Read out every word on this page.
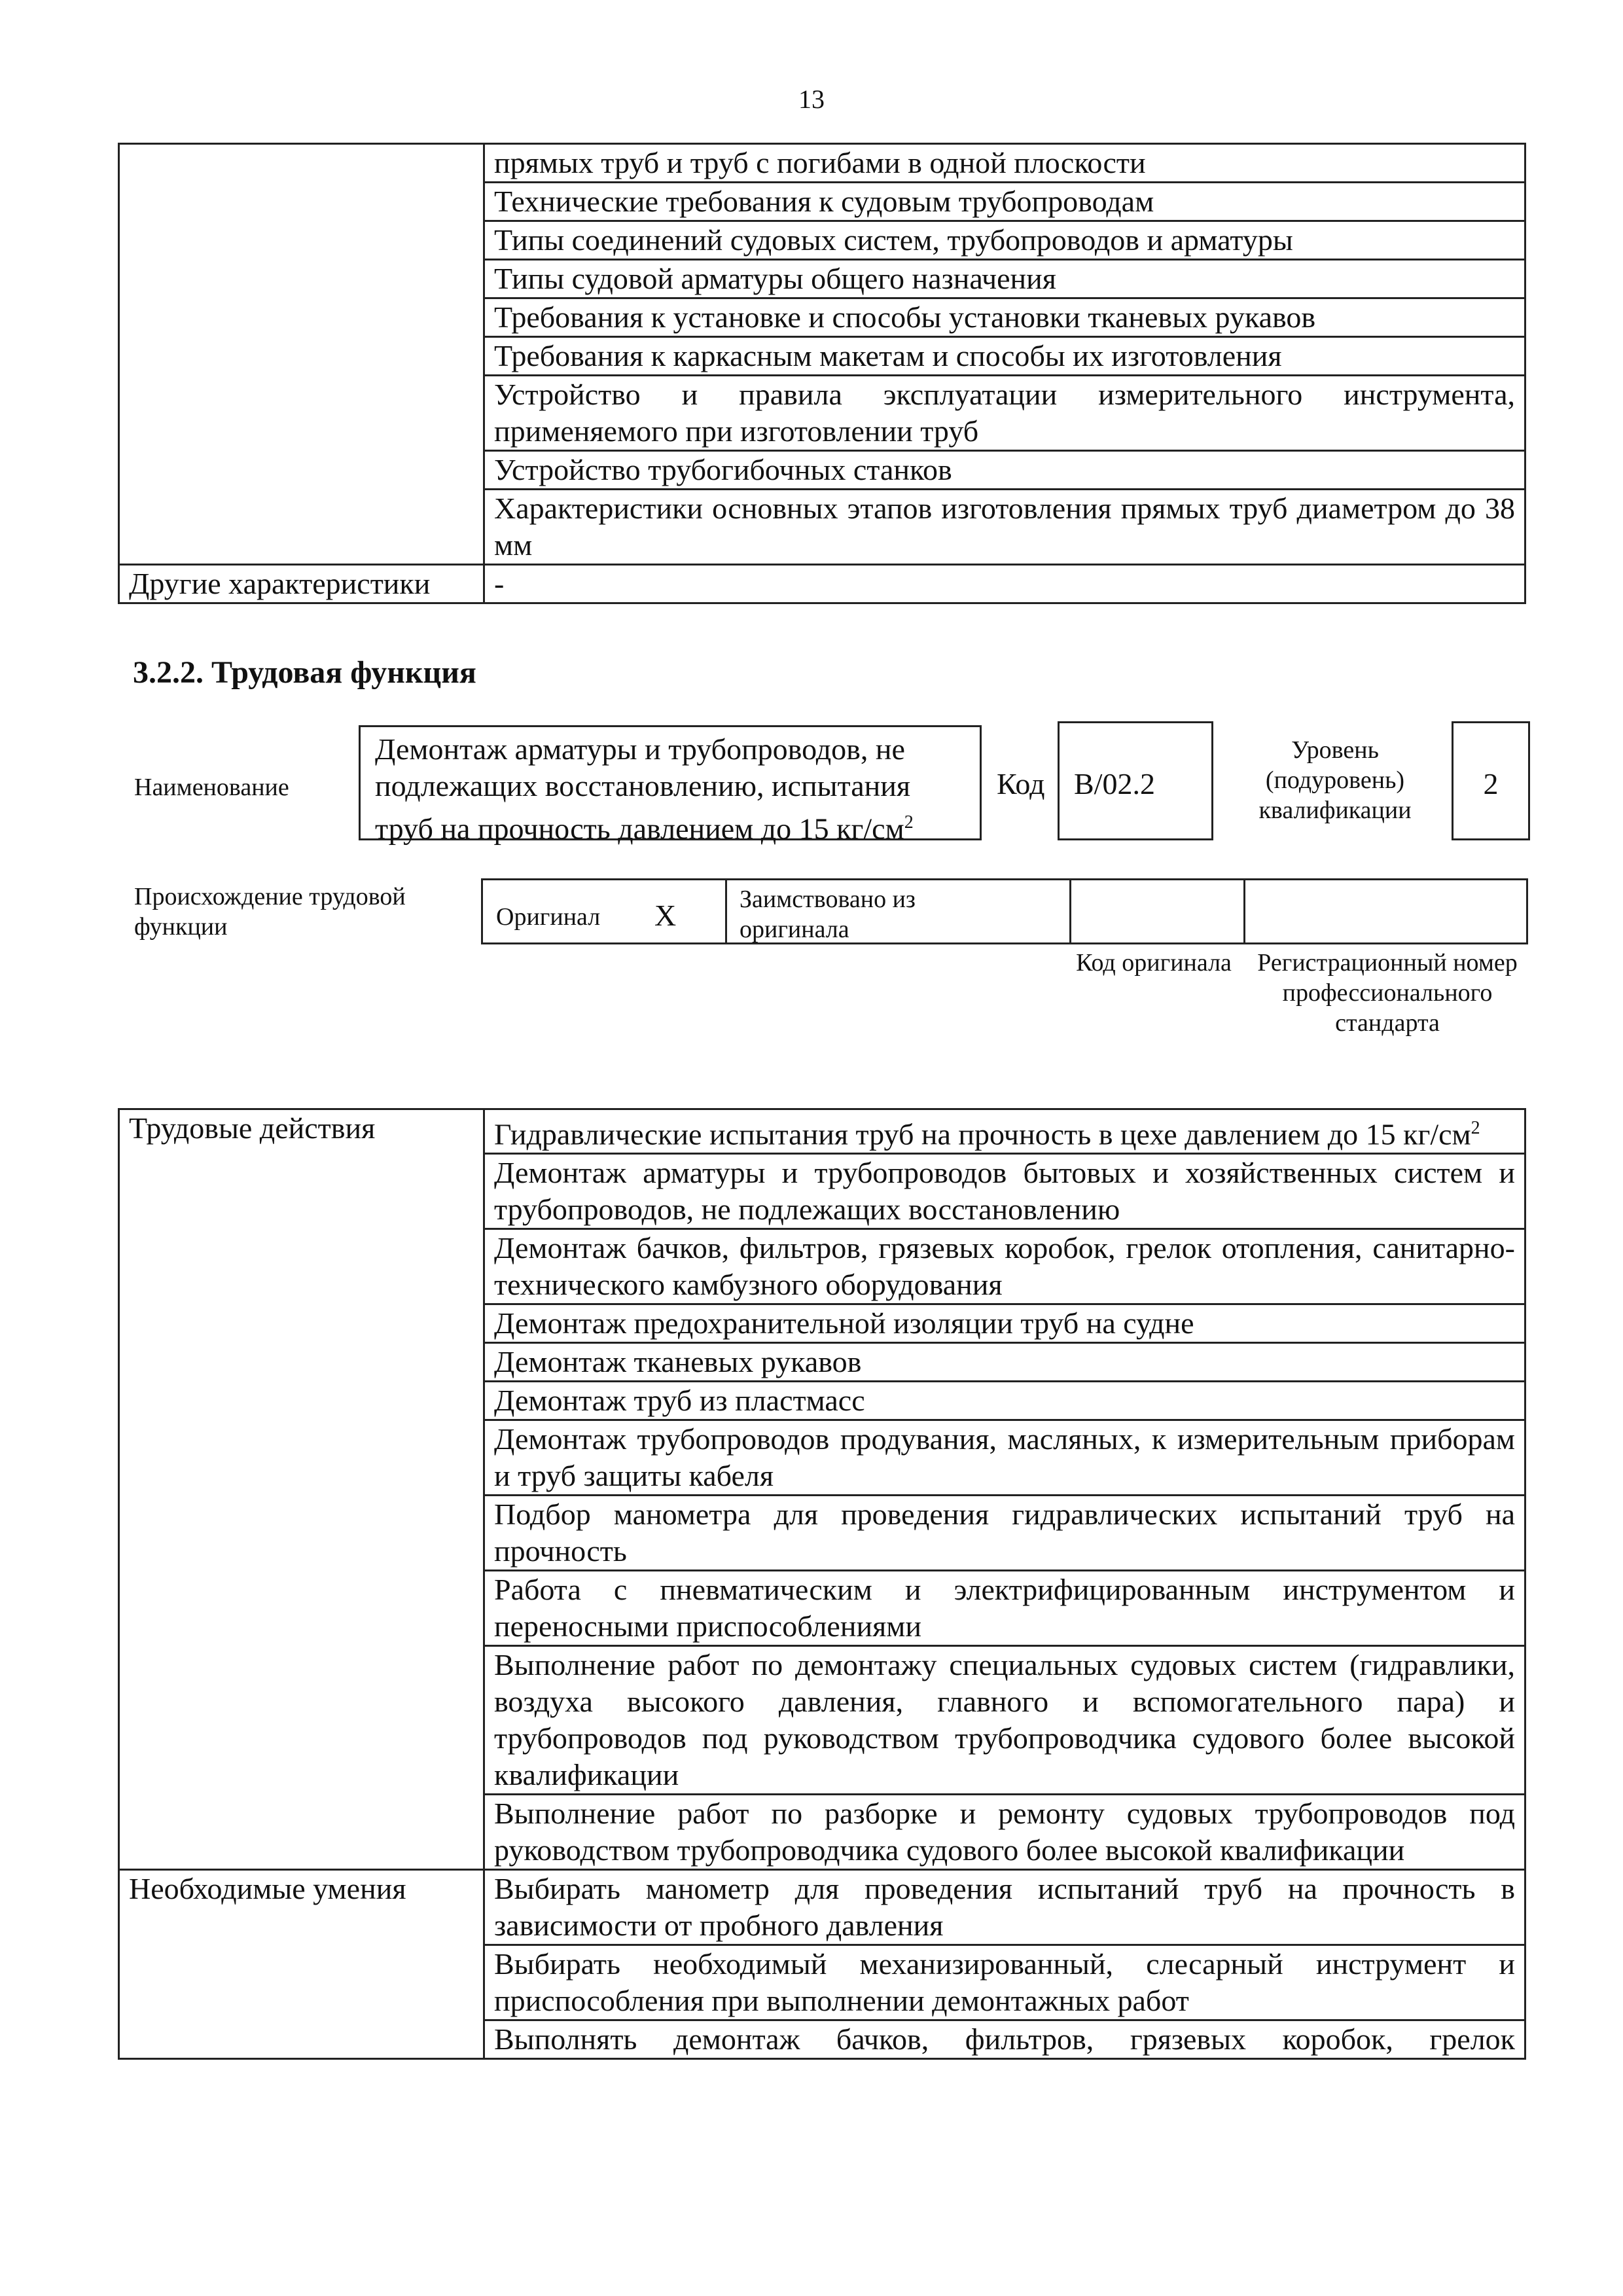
13
	прямых труб и труб с погибами в одной плоскости
	Технические требования к судовым трубопроводам
	Типы соединений судовых систем, трубопроводов и арматуры
	Типы судовой арматуры общего назначения
	Требования к установке и способы установки тканевых рукавов
	Требования к каркасным макетам и способы их изготовления
	Устройство и правила эксплуатации измерительного инструмента, применяемого при изготовлении труб
	Устройство трубогибочных станков
	Характеристики основных этапов изготовления прямых труб диаметром до 38 мм
Другие характеристики	-
3.2.2. Трудовая функция
Наименование
Демонтаж арматуры и трубопроводов, не подлежащих восстановлению, испытания труб на прочность давлением до 15 $кг/см^2$
Код B/02.2
Уровень (подуровень) квалификации
2
Происхождение трудовой функции	Оригинал X	Заимствовано из оригинала
Код оригинала	Регистрационный номер профессионального стандарта
Трудовые действия	Гидравлические испытания труб на прочность в цехе давлением до 15 $кг/см^2$
	Демонтаж арматуры и трубопроводов бытовых и хозяйственных систем и трубопроводов, не подлежащих восстановлению
	Демонтаж бачков, фильтров, грязевых коробок, грелок отопления, санитарно-технического камбузного оборудования
	Демонтаж предохранительной изоляции труб на судне
	Демонтаж тканевых рукавов
	Демонтаж труб из пластмасс
	Демонтаж трубопроводов продувания, масляных, к измерительным приборам и труб защиты кабеля
	Подбор манометра для проведения гидравлических испытаний труб на прочность
	Работа с пневматическим и электрифицированным инструментом и переносными приспособлениями
	Выполнение работ по демонтажу специальных судовых систем (гидравлики, воздуха высокого давления, главного и вспомогательного пара) и трубопроводов под руководством трубопроводчика судового более высокой квалификации
	Выполнение работ по разборке и ремонту судовых трубопроводов под руководством трубопроводчика судового более высокой квалификации
Необходимые умения	Выбирать манометр для проведения испытаний труб на прочность в зависимости от пробного давления
	Выбирать необходимый механизированный, слесарный инструмент и приспособления при выполнении демонтажных работ
	Выполнять демонтаж бачков, фильтров, грязевых коробок, грелок
